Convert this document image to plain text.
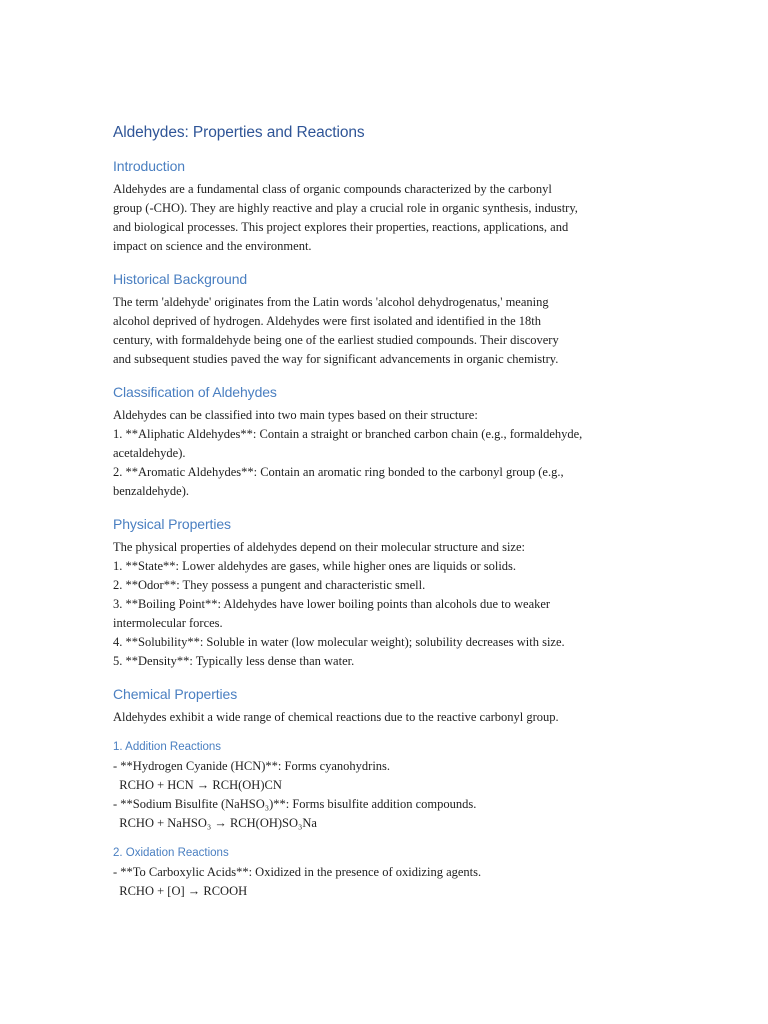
Aldehydes: Properties and Reactions
Introduction

Aldehydes are a fundamental class of organic compounds characterized by the carbonyl
group (-CHO). They are highly reactive and play a crucial role in organic synthesis, industry,
and biological processes. This project explores their properties, reactions, applications, and
impact on science and the environment.

Historical Background

The term 'aldehyde' originates from the Latin words 'alcohol dehydrogenatus,' meaning
alcohol deprived of hydrogen. Aldehydes were first isolated and identified in the 18th
century, with formaldehyde being one of the earliest studied compounds. Their discovery
and subsequent studies paved the way for significant advancements in organic chemistry.

Classification of Aldehydes

Aldehydes can be classified into two main types based on their structure:
1. **Aliphatic Aldehydes**: Contain a straight or branched carbon chain (e.g., formaldehyde,
acetaldehyde).
2. **Aromatic Aldehydes**: Contain an aromatic ring bonded to the carbonyl group (e.g.,
benzaldehyde).

Physical Properties

The physical properties of aldehydes depend on their molecular structure and size:
1. **State**: Lower aldehydes are gases, while higher ones are liquids or solids.
2. **Odor**: They possess a pungent and characteristic smell.
3. **Boiling Point**: Aldehydes have lower boiling points than alcohols due to weaker
intermolecular forces.
4. **Solubility**: Soluble in water (low molecular weight); solubility decreases with size.
5. **Density**: Typically less dense than water.

Chemical Properties

Aldehydes exhibit a wide range of chemical reactions due to the reactive carbonyl group.

1. Addition Reactions

- **Hydrogen Cyanide (HCN)**: Forms cyanohydrins.
RCHO + HCN → RCH(OH)CN
- **Sodium Bisulfite (NaHSO₃)**: Forms bisulfite addition compounds.
RCHO + NaHSO₃ → RCH(OH)SO₃Na

2. Oxidation Reactions

- **To Carboxylic Acids**: Oxidized in the presence of oxidizing agents.
RCHO + [O] → RCOOH
